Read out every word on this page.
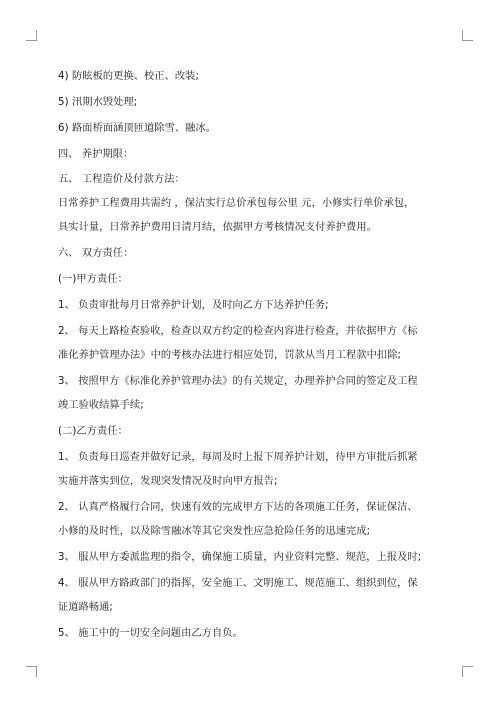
4) 防眩板的更换、校正、改装;
5) 汛期水毁处理;
6) 路面桥面涵顶匝道除雪、融冰。
四、 养护期限：
五、 工程造价及付款方法：
日常养护工程费用共需约 ，保洁实行总价承包每公里 元，小修实行单价承包，
具实计量，日常养护费用日清月结，依据甲方考核情况支付养护费用。
六、 双方责任：
(一)甲方责任：
1、 负责审批每月日常养护计划，及时向乙方下达养护任务;
2、 每天上路检查验收，检查以双方约定的检查内容进行检查，并依据甲方《标
准化养护管理办法》中的考核办法进行相应处罚，罚款从当月工程款中扣除;
3、 按照甲方《标准化养护管理办法》的有关规定，办理养护合同的签定及工程
竣工验收结算手续;
(二)乙方责任：
1、 负责每日巡查并做好记录，每周及时上报下周养护计划，待甲方审批后抓紧
实施并落实到位，发现突发情况及时向甲方报告;
2、 认真严格履行合同，快速有效的完成甲方下达的各项施工任务，保证保洁、
小修的及时性，以及除雪融冰等其它突发性应急抢险任务的迅速完成;
3、 服从甲方委派监理的指令，确保施工质量，内业资料完整、规范，上报及时;
4、 服从甲方路政部门的指挥，安全施工、文明施工、规范施工、组织到位，保
证道路畅通;
5、 施工中的一切安全问题由乙方自负。
